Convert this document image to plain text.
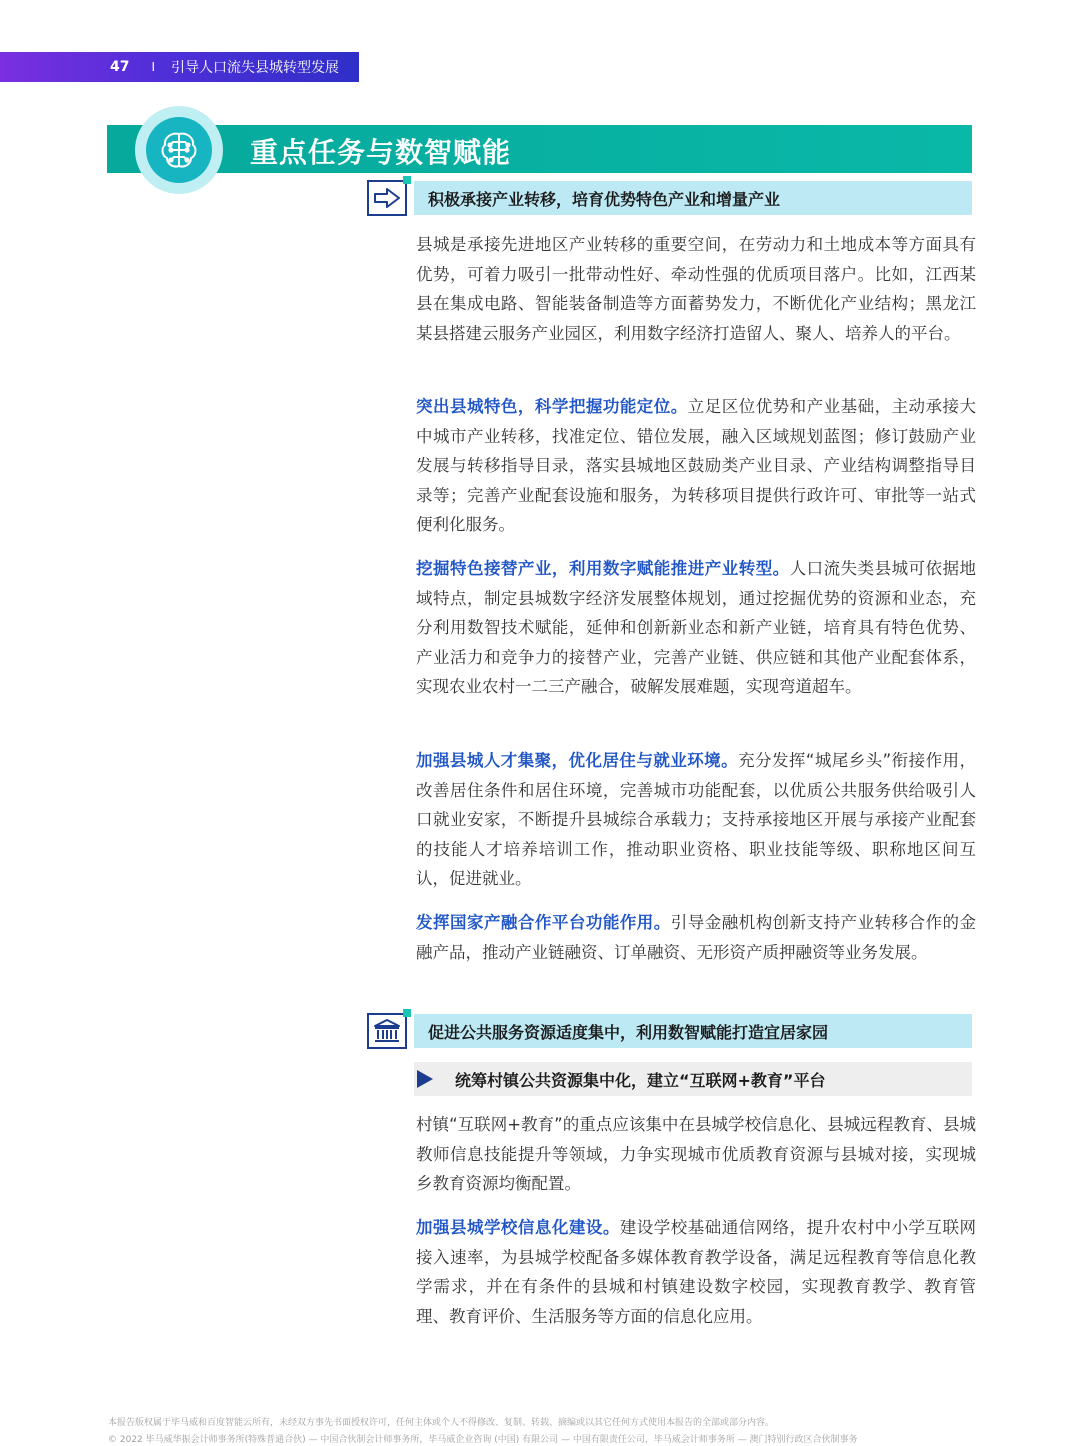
47 I 引导人口流失县城转型发展
重点任务与数智赋能
积极承接产业转移，培育优势特色产业和增量产业

县城是承接先进地区产业转移的重要空间，在劳动力和土地成本等方面具有优势，可着力吸引一批带动性好、牵动性强的优质项目落户。比如，江西某县在集成电路、智能装备制造等方面蓄势发力，不断优化产业结构；黑龙江某县搭建云服务产业园区，利用数字经济打造留人、聚人、培养人的平台。

突出县城特色，科学把握功能定位。立足区位优势和产业基础，主动承接大中城市产业转移，找准定位、错位发展，融入区域规划蓝图；修订鼓励产业发展与转移指导目录，落实县城地区鼓励类产业目录、产业结构调整指导目录等；完善产业配套设施和服务，为转移项目提供行政许可、审批等一站式便利化服务。

挖掘特色接替产业，利用数字赋能推进产业转型。人口流失类县城可依据地域特点，制定县城数字经济发展整体规划，通过挖掘优势的资源和业态，充分利用数智技术赋能，延伸和创新新业态和新产业链，培育具有特色优势、产业活力和竞争力的接替产业，完善产业链、供应链和其他产业配套体系，实现农业农村一二三产融合，破解发展难题，实现弯道超车。

加强县城人才集聚，优化居住与就业环境。充分发挥“城尾乡头”衔接作用，改善居住条件和居住环境，完善城市功能配套，以优质公共服务供给吸引人口就业安家，不断提升县城综合承载力；支持承接地区开展与承接产业配套的技能人才培养培训工作，推动职业资格、职业技能等级、职称地区间互认，促进就业。

发挥国家产融合作平台功能作用。引导金融机构创新支持产业转移合作的金融产品，推动产业链融资、订单融资、无形资产质押融资等业务发展。

促进公共服务资源适度集中，利用数智赋能打造宜居家园
统筹村镇公共资源集中化，建立“互联网+教育”平台

村镇“互联网+教育”的重点应该集中在县城学校信息化、县城远程教育、县城教师信息技能提升等领域，力争实现城市优质教育资源与县城对接，实现城乡教育资源均衡配置。

加强县城学校信息化建设。建设学校基础通信网络，提升农村中小学互联网接入速率，为县城学校配备多媒体教育教学设备，满足远程教育等信息化教学需求，并在有条件的县城和村镇建设数字校园，实现教育教学、教育管理、教育评价、生活服务等方面的信息化应用。

本报告版权属于毕马威和百度智能云所有，未经双方事先书面授权许可，任何主体或个人不得修改、复制、转载、摘编或以其它任何方式使用本报告的全部或部分内容。
© 2022 毕马威华振会计师事务所(特殊普通合伙) — 中国合伙制会计师事务所，毕马威企业咨询 (中国) 有限公司 — 中国有限责任公司，毕马威会计师事务所 — 澳门特别行政区合伙制事务
